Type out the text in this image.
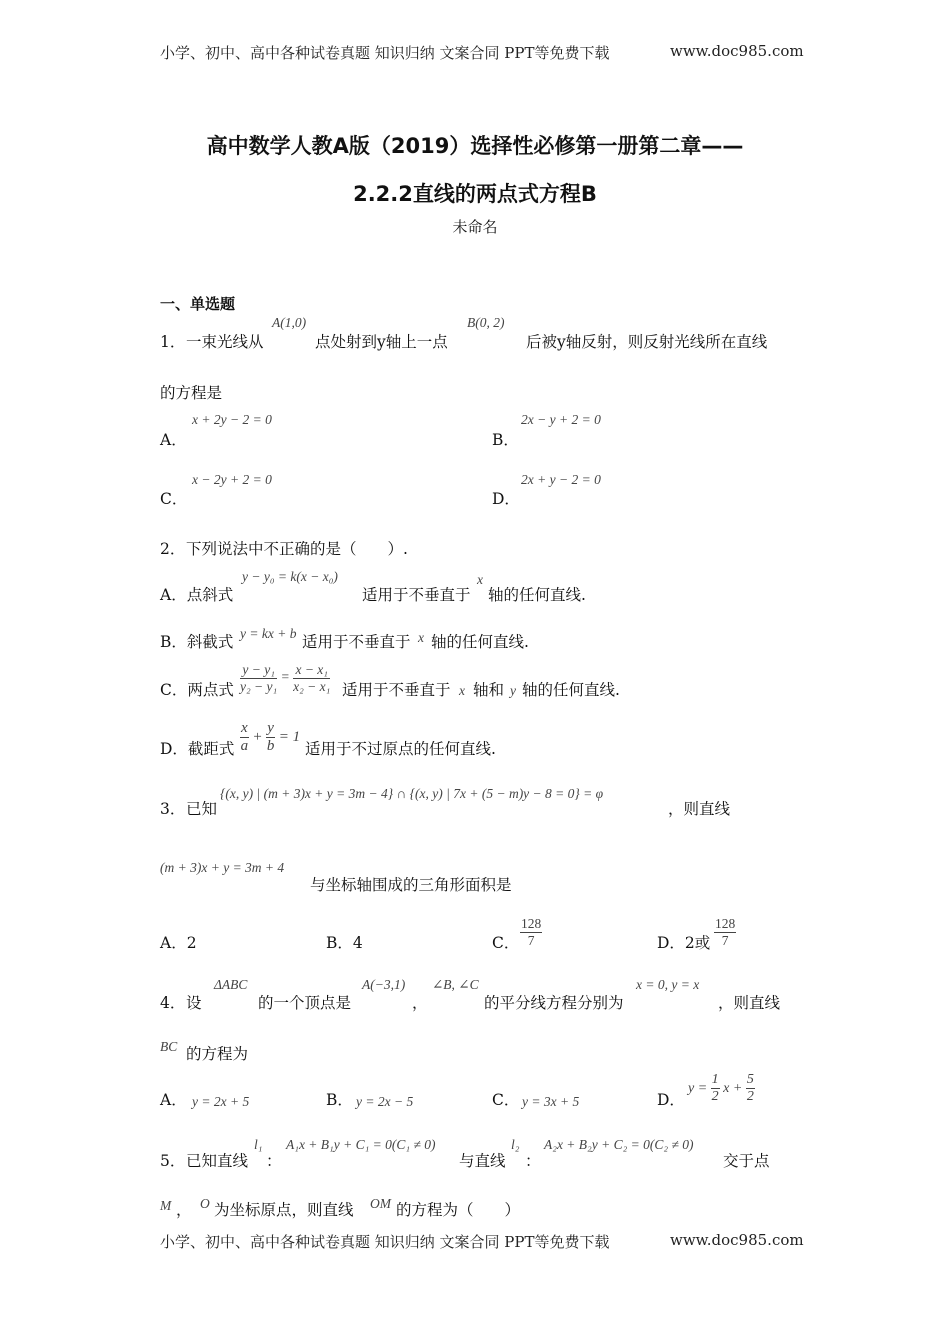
小学、初中、高中各种试卷真题 知识归纳 文案合同 PPT等免费下载	www.doc985.com
高中数学人教A版（2019）选择性必修第一册第二章——
2.2.2直线的两点式方程B
未命名
一、单选题
1． 一束光线从
A(1,0)
点处射到y轴上一点
B(0, 2)
后被y轴反射，则反射光线所在直线
的方程是
A．
x + 2y − 2 = 0
B．
2x − y + 2 = 0
C．
x − 2y + 2 = 0
D．
2x + y − 2 = 0
2． 下列说法中不正确的是（　　）.
A．点斜式
y − y₀ = k(x − x₀)
适用于不垂直于
x
轴的任何直线.
B．斜截式 y = kx + b 适用于不垂直于 x 轴的任何直线.
C．两点式 $\frac{\text{y − y₁}}{\text{y₂ − y₁}} = \frac{\text{x − x₁}}{\text{x₂ − x₁}}$ 适用于不垂直于 x 轴和 y 轴的任何直线.
D．截距式 $\frac{x}{a} + \frac{y}{b} = 1$
适用于不过原点的任何直线.
3． 已知
{(x, y) | (m + 3)x + y = 3m − 4} ∩ {(x, y) | 7x + (5 − m)y − 8 = 0} = φ
，则直线
(m + 3)x + y = 3m + 4
与坐标轴围成的三角形面积是
A．2	B．4	C． $\frac{128}{7}$	D．2或 $\frac{128}{7}$
4． 设
ΔABC
的一个顶点是
A(−3,1)
，
∠B, ∠C
的平分线方程分别为
x = 0, y = x
，则直线
BC 的方程为
A． y = 2x + 5	B． y = 2x − 5	C． y = 3x + 5	D．
$y = \frac{1}{2}$ $x + \frac{5}{2}$
5． 已知直线
l₁
：
A₁x + B₁y + C₁ = 0(C₁ ≠ 0)
与直线
l₂
：
A₂x + B₂y + C₂ = 0(C₂ ≠ 0)
交于点
M ， O 为坐标原点，则直线 OM 的方程为（　　）
小学、初中、高中各种试卷真题 知识归纳 文案合同 PPT等免费下载	www.doc985.com
